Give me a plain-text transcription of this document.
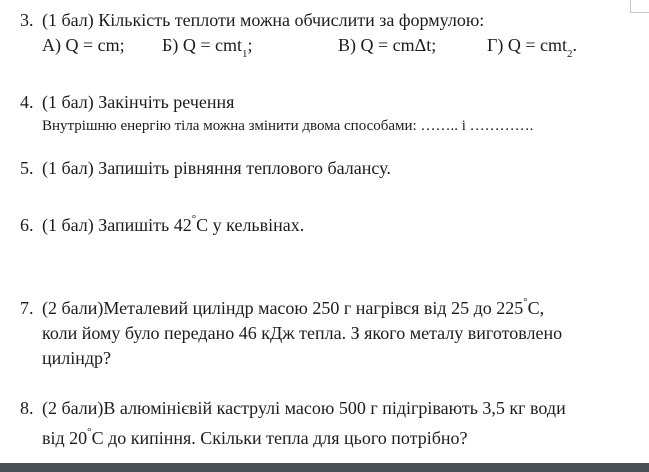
3. (1 бал) Кількість теплоти можна обчислити за формулою:
А) Q = cm; Б) Q = cmt$_1$;	В) Q = cmΔt;	Г) Q = cmt$_2$.
4. (1 бал) Закінчіть речення
Внутрішню енергію тіла можна змінити двома способами: …….. і ………….
5. (1 бал) Запишіть рівняння теплового балансу.
6. (1 бал) Запишіть 42°С у кельвінах.
7. (2 бали)Металевий циліндр масою 250 г нагрівся від 25 до 225°С,
коли йому було передано 46 кДж тепла. З якого металу виготовлено
циліндр?
8. (2 бали)В алюмінієвій каструлі масою 500 г підігрівають 3,5 кг води
від 20°С до кипіння. Скільки тепла для цього потрібно?
